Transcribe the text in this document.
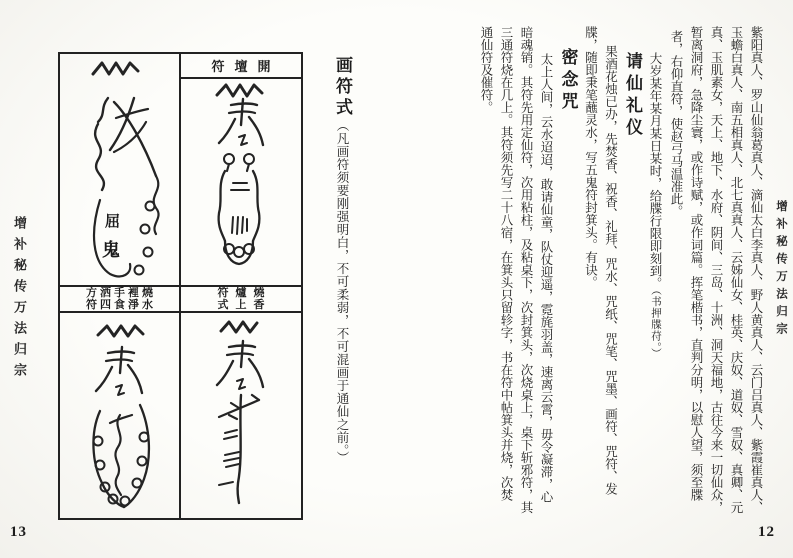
增补秘传万法归宗
13
符壇開
屈
鬼
方洒手裡燒
符四食淨水
符爐燒
式上香

画符式（凡画符须要刚强明白，不可柔弱，不可混画于通仙之前。）	紫阳真人、罗山仙翁葛真人、滴仙太白李真人、野人黄真人、云门吕真人、紫霞崔真人、
玉蟾白真人、南五相真人、北七真真人、云姊仙女、桂英、庆奴、道奴、雪奴、真卿、元
真、玉肌素女，天上、地下、水府、阴间、三岛、十洲、洞天福地，古往今来一切仙众，
暂离洞府，急降尘寰，或作诗赋，或作词篇。挥笔楷书，直判分明，以慰人望，须至牒
者，右仰直符，使赵弓马温准此。
大岁某年某月某日某时，给牒行限即刻到。（书押牒苻。）
请仙礼仪
果酒花烛已办，先焚香、祝香、礼拜、咒水、咒纸、咒笔、咒墨、画符、咒符、发
牒，随即秉笔蘸灵水，写五鬼符封箕头。有诀。
密念咒
太上人间，云水迢迢，敢请仙童，队仗迎遥，霓旄羽盖，速离云霄，毋令凝滞，心
暗魂销。其符先用定仙符，次用粘柱，及粘桌下，次封箕头，次烧桌上，桌下斩邪符，其
三通符烧在几上。其符须先写二十八宿，在箕头只留轸字，书在符中帖箕头并烧，次焚
通仙符及催符。
增补秘传万法归宗
12
